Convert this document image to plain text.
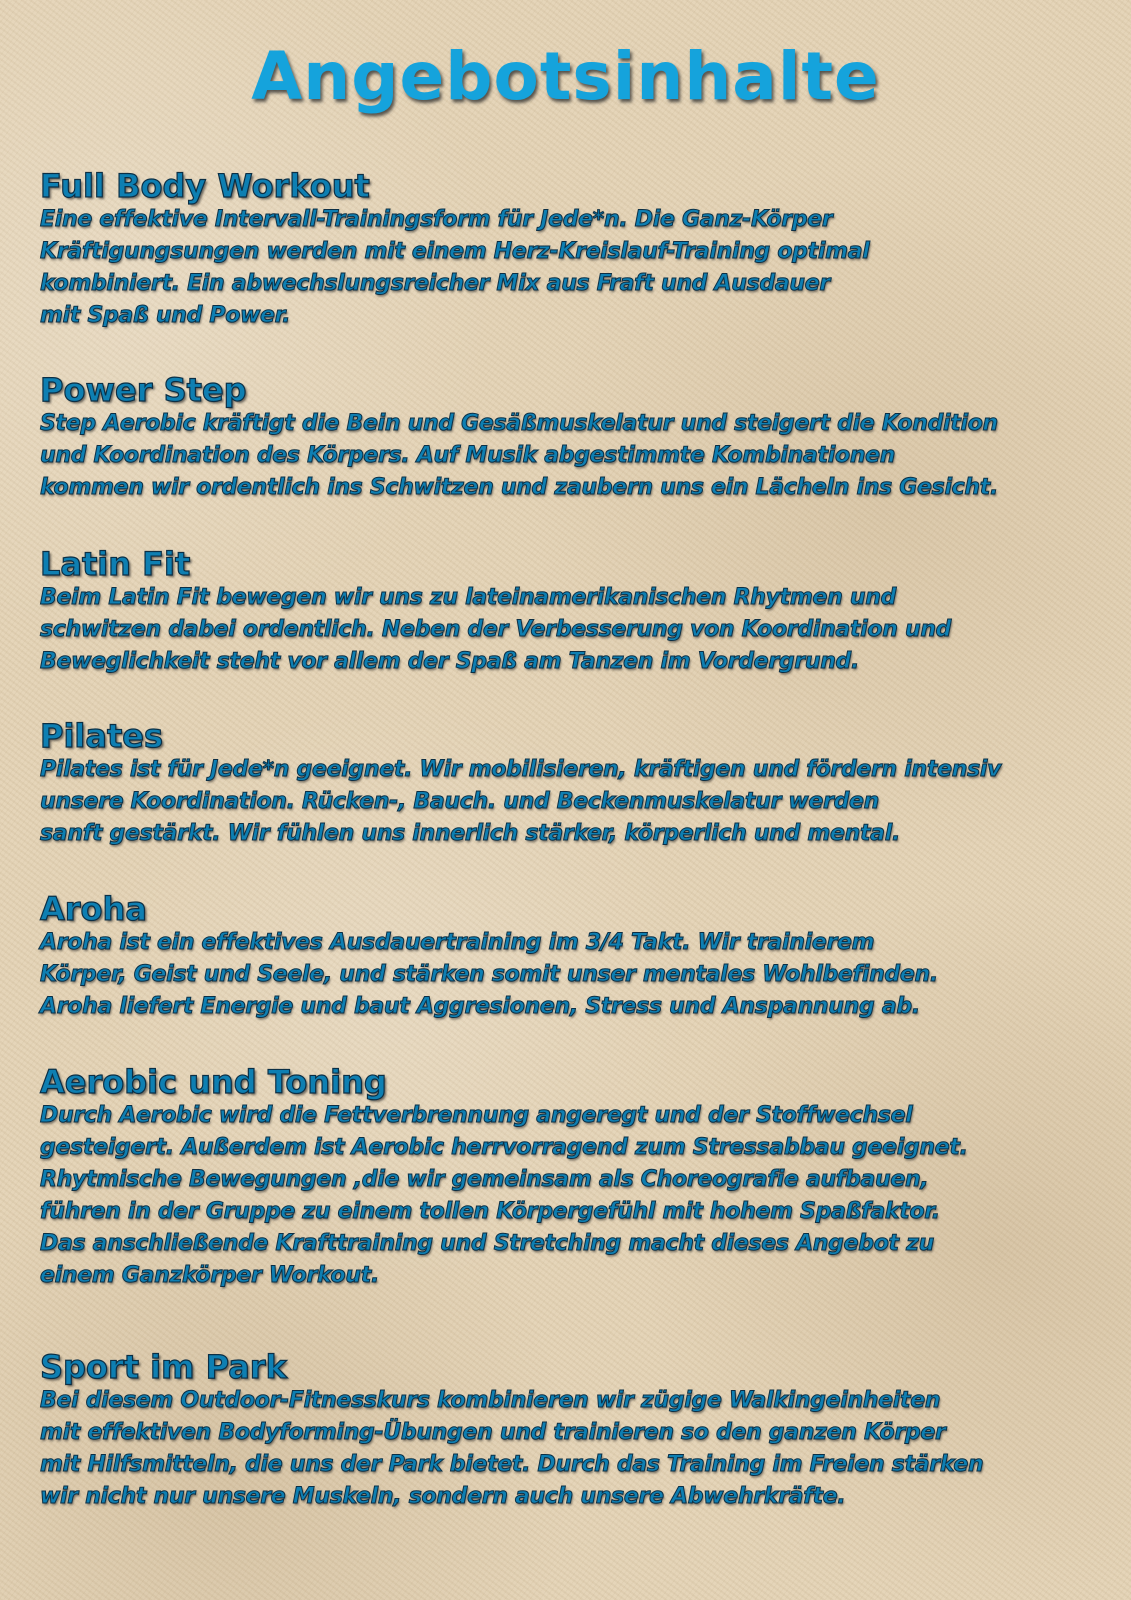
Angebotsinhalte
Full Body Workout

Eine effektive Intervall-Trainingsform für Jede*n. Die Ganz-Körper
Kräftigungsungen werden mit einem Herz-Kreislauf-Training optimal
kombiniert. Ein abwechslungsreicher Mix aus Fraft und Ausdauer
mit Spaß und Power.

Power Step

Step Aerobic kräftigt die Bein und Gesäßmuskelatur und steigert die Kondition
und Koordination des Körpers. Auf Musik abgestimmte Kombinationen
kommen wir ordentlich ins Schwitzen und zaubern uns ein Lächeln ins Gesicht.

Latin Fit

Beim Latin Fit bewegen wir uns zu lateinamerikanischen Rhytmen und
schwitzen dabei ordentlich. Neben der Verbesserung von Koordination und
Beweglichkeit steht vor allem der Spaß am Tanzen im Vordergrund.

Pilates

Pilates ist für Jede*n geeignet. Wir mobilisieren, kräftigen und fördern intensiv
unsere Koordination. Rücken-, Bauch. und Beckenmuskelatur werden
sanft gestärkt. Wir fühlen uns innerlich stärker, körperlich und mental.

Aroha

Aroha ist ein effektives Ausdauertraining im 3/4 Takt. Wir trainierem
Körper, Geist und Seele, und stärken somit unser mentales Wohlbefinden.
Aroha liefert Energie und baut Aggresionen, Stress und Anspannung ab.

Aerobic und Toning

Durch Aerobic wird die Fettverbrennung angeregt und der Stoffwechsel
gesteigert. Außerdem ist Aerobic herrvorragend zum Stressabbau geeignet.
Rhytmische Bewegungen ,die wir gemeinsam als Choreografie aufbauen,
führen in der Gruppe zu einem tollen Körpergefühl mit hohem Spaßfaktor.
Das anschließende Krafttraining und Stretching macht dieses Angebot zu
einem Ganzkörper Workout.

Sport im Park

Bei diesem Outdoor-Fitnesskurs kombinieren wir zügige Walkingeinheiten
mit effektiven Bodyforming-Übungen und trainieren so den ganzen Körper
mit Hilfsmitteln, die uns der Park bietet. Durch das Training im Freien stärken
wir nicht nur unsere Muskeln, sondern auch unsere Abwehrkräfte.
